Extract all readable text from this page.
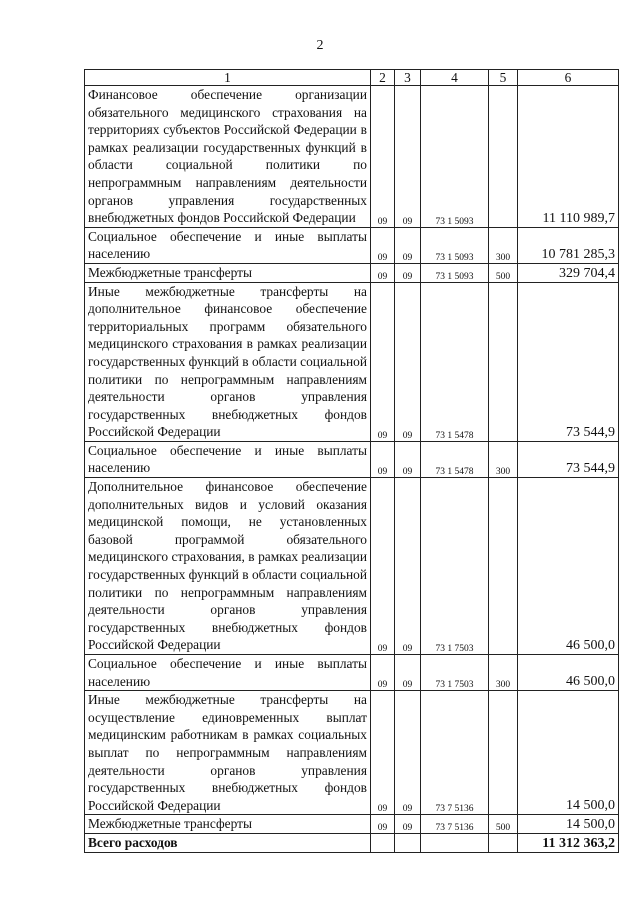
2
1	2	3	4	5	6
Финансовое обеспечение организации обязательного медицинского страхования на территориях субъектов Российской Федерации в рамках реализации государственных функций в области социальной политики по непрограммным направлениям деятельности органов управления государственных внебюджетных фондов Российской Федерации	09	09	73 1 5093		11 110 989,7
Социальное обеспечение и иные выплаты населению	09	09	73 1 5093	300	10 781 285,3
Межбюджетные трансферты	09	09	73 1 5093	500	329 704,4
Иные межбюджетные трансферты на дополнительное финансовое обеспечение территориальных программ обязательного медицинского страхования в рамках реализации государственных функций в области социальной политики по непрограммным направлениям деятельности органов управления государственных внебюджетных фондов Российской Федерации	09	09	73 1 5478		73 544,9
Социальное обеспечение и иные выплаты населению	09	09	73 1 5478	300	73 544,9
Дополнительное финансовое обеспечение дополнительных видов и условий оказания медицинской помощи, не установленных базовой программой обязательного медицинского страхования, в рамках реализации государственных функций в области социальной политики по непрограммным направлениям деятельности органов управления государственных внебюджетных фондов Российской Федерации	09	09	73 1 7503		46 500,0
Социальное обеспечение и иные выплаты населению	09	09	73 1 7503	300	46 500,0
Иные межбюджетные трансферты на осуществление единовременных выплат медицинским работникам в рамках социальных выплат по непрограммным направлениям деятельности органов управления государственных внебюджетных фондов Российской Федерации	09	09	73 7 5136		14 500,0
Межбюджетные трансферты	09	09	73 7 5136	500	14 500,0
Всего расходов					11 312 363,2
